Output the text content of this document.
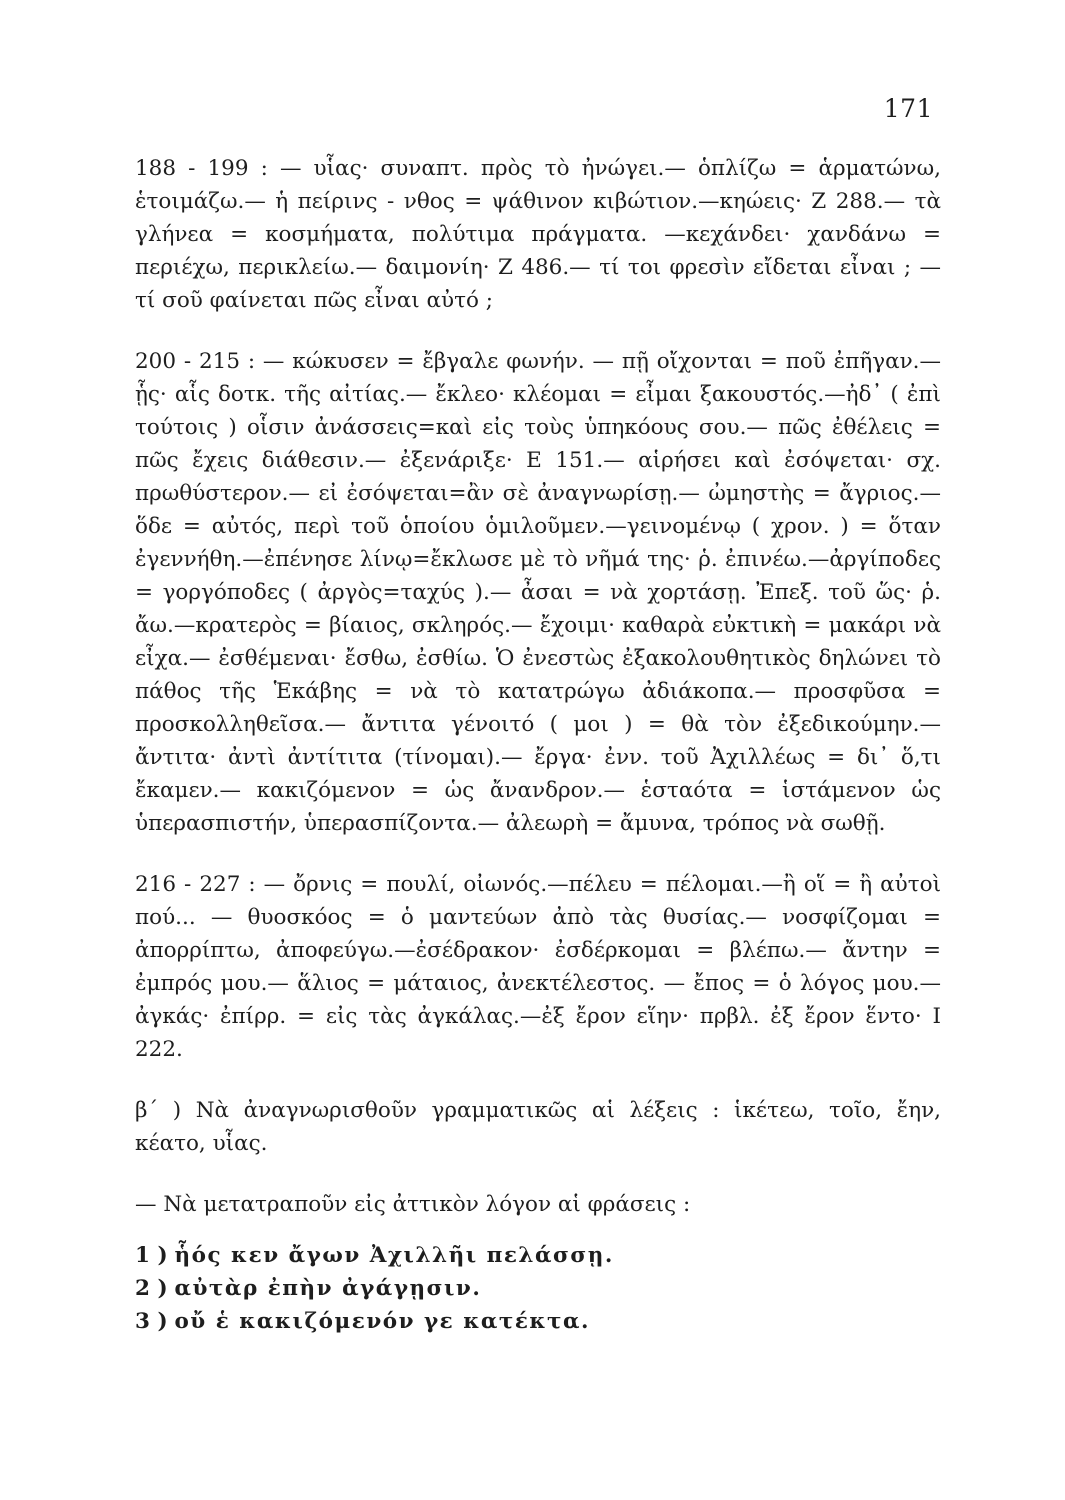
171

188 - 199 : — υἷας· συναπτ. πρὸς τὸ ἠνώγει.— ὁπλίζω = ἁρματώνω, ἑτοιμάζω.— ἡ πείρινς - νθος = ψάθινον κιβώτιον.—κηώεις· Ζ 288.— τὰ γλήνεα = κοσμήματα, πολύτιμα πράγματα. —κεχάνδει· χανδάνω = περιέχω, περικλείω.— δαιμονίη· Ζ 486.— τί τοι φρεσὶν εἴδεται εἶναι ; — τί σοῦ φαίνεται πῶς εἶναι αὐτό ;

200 - 215 : — κώκυσεν = ἔβγαλε φωνήν. — πῇ οἴχονται = ποῦ ἐπῆγαν.— ᾗς· αἷς δοτκ. τῆς αἰτίας.— ἔκλεο· κλέομαι = εἶμαι ξακουστός.—ἠδ᾽ ( ἐπὶ τούτοις ) οἷσιν ἀνάσσεις=καὶ εἰς τοὺς ὑπηκόους σου.— πῶς ἐθέλεις = πῶς ἔχεις διάθεσιν.— ἐξενάριξε· Ε 151.— αἱρήσει καὶ ἐσόψεται· σχ. πρωθύστερον.— εἰ ἐσόψεται=ἂν σὲ ἀναγνωρίσῃ.— ὠμηστὴς = ἄγριος.— ὅδε = αὐτός, περὶ τοῦ ὁποίου ὁμιλοῦμεν.—γεινομένῳ ( χρον. ) = ὅταν ἐγεννήθη.—ἐπένησε λίνῳ=ἔκλωσε μὲ τὸ νῆμά της· ῥ. ἐπινέω.—ἀργίποδες = γοργόποδες ( ἀργὸς=ταχύς ).— ἆσαι = νὰ χορτάσῃ. Ἐπεξ. τοῦ ὥς· ῥ. ἄω.—κρατερὸς = βίαιος, σκληρός.— ἔχοιμι· καθαρὰ εὐκτικὴ = μακάρι νὰ εἶχα.— ἐσθέμεναι· ἔσθω, ἐσθίω. Ὁ ἐνεστὼς ἐξακολουθητικὸς δηλώνει τὸ πάθος τῆς Ἑκάβης = νὰ τὸ κατατρώγω ἀδιάκοπα.— προσφῦσα = προσκολληθεῖσα.— ἄντιτα γένοιτό ( μοι ) = θὰ τὸν ἐξεδικούμην.—ἄντιτα· ἀντὶ ἀντίτιτα (τίνομαι).— ἔργα· ἐνν. τοῦ Ἀχιλλέως = δι᾽ ὅ,τι ἔκαμεν.— κακιζόμενον = ὡς ἄνανδρον.— ἑσταότα = ἱστάμενον ὡς ὑπερασπιστήν, ὑπερασπίζοντα.— ἀλεωρὴ = ἄμυνα, τρόπος νὰ σωθῇ.

216 - 227 : — ὄρνις = πουλί, οἰωνός.—πέλευ = πέλομαι.—ἢ οἵ = ἢ αὐτοὶ πού... — θυοσκόος = ὁ μαντεύων ἀπὸ τὰς θυσίας.— νοσφίζομαι = ἀπορρίπτω, ἀποφεύγω.—ἐσέδρακον· ἐσδέρκομαι = βλέπω.— ἄντην = ἐμπρός μου.— ἅλιος = μάταιος, ἀνεκτέλεστος. — ἔπος = ὁ λόγος μου.— ἀγκάς· ἐπίρρ. = εἰς τὰς ἀγκάλας.—ἐξ ἔρον εἵην· πρβλ. ἐξ ἔρον ἕντο· Ι 222.

β΄ ) Νὰ ἀναγνωρισθοῦν γραμματικῶς αἱ λέξεις : ἱκέτεω, τοῖο, ἔην, κέατο, υἷας.

— Νὰ μετατραποῦν εἰς ἀττικὸν λόγον αἱ φράσεις :

1 ) ἧός κεν ἄγων Ἀχιλλῆι πελάσσῃ.

2 ) αὐτὰρ ἐπὴν ἀγάγῃσιν.

3 ) οὔ ἑ κακιζόμενόν γε κατέκτα.
